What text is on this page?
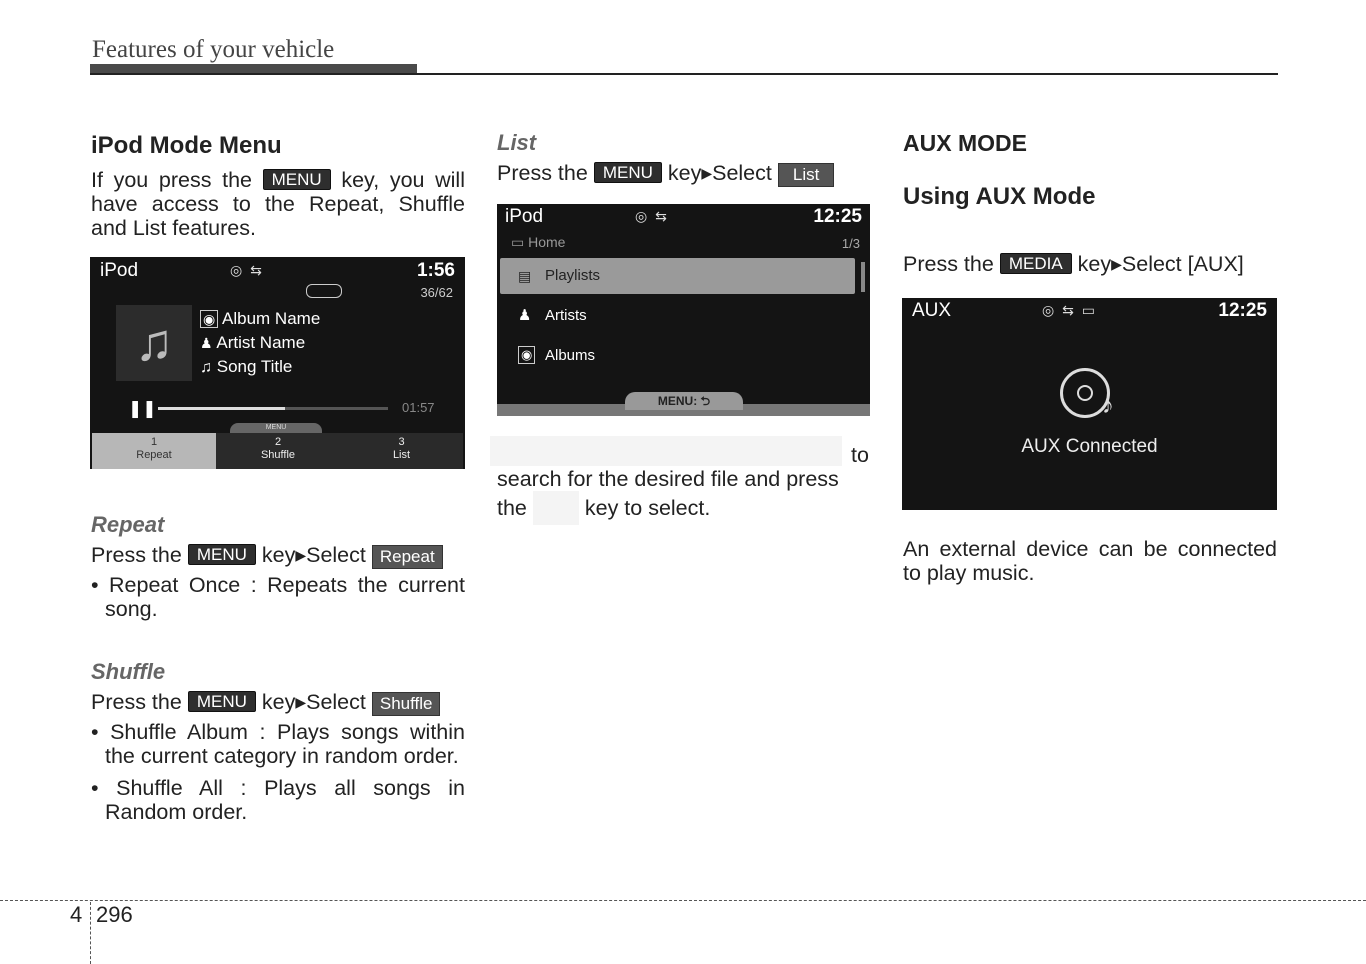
Features of your vehicle
iPod Mode Menu
If you press the MENU key, you will have access to the Repeat, Shuffle and List features.
iPod	◎ ⇆	1:56
36/62
♫	◉ Album Name
♟ Artist Name
♫ Song Title
❚❚	01:57
MENU
1
Repeat
2
Shuffle
3
List
Repeat
Press the MENU key▶Select Repeat
• Repeat Once : Repeats the current song.
Shuffle
Press the MENU key▶Select Shuffle
• Shuffle Album : Plays songs within the current category in random order.
• Shuffle All : Plays all songs in Random order.
List
Press the MENU key▶Select List
iPod	◎ ⇆	12:25
▭ Home	1/3
▤ Playlists
♟ Artists
◉ Albums
MENU: ⮌
to
search for the desired file and press
the	key to select.
AUX MODE
Using AUX Mode
Press the MEDIA key▶Select [AUX]
AUX	◎ ⇆ ▭	12:25
♪
AUX Connected
An external device can be connected to play music.
4 296
